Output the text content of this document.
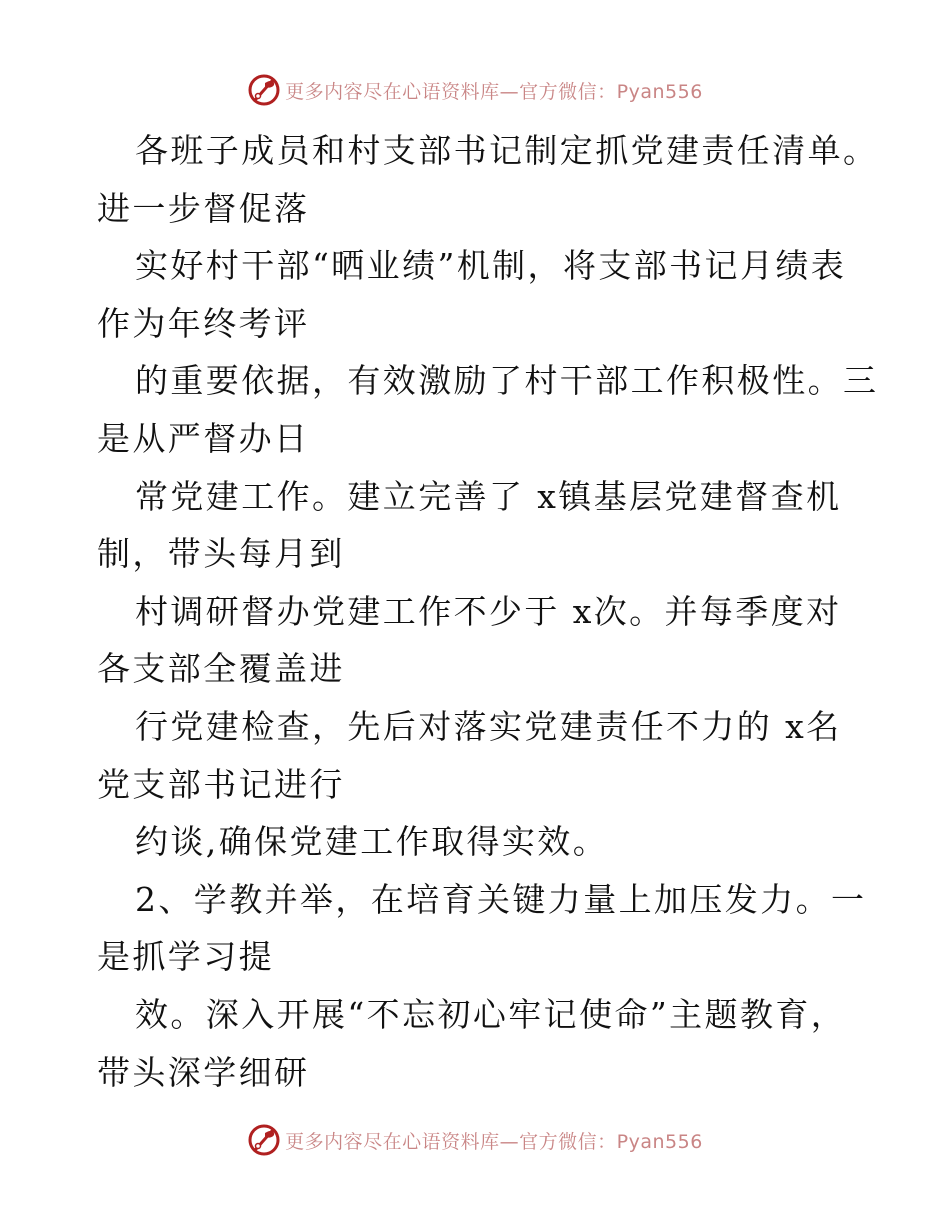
更多内容尽在心语资料库—官方微信：Pyan556
各班子成员和村支部书记制定抓党建责任清单。
进一步督促落
实好村干部“晒业绩”机制，将支部书记月绩表
作为年终考评
的重要依据，有效激励了村干部工作积极性。三
是从严督办日
常党建工作。建立完善了 x镇基层党建督查机
制，带头每月到
村调研督办党建工作不少于 x次。并每季度对
各支部全覆盖进
行党建检查，先后对落实党建责任不力的 x名
党支部书记进行
约谈,确保党建工作取得实效。
2、学教并举，在培育关键力量上加压发力。一
是抓学习提
效。深入开展“不忘初心牢记使命”主题教育，
带头深学细研
更多内容尽在心语资料库—官方微信：Pyan556
